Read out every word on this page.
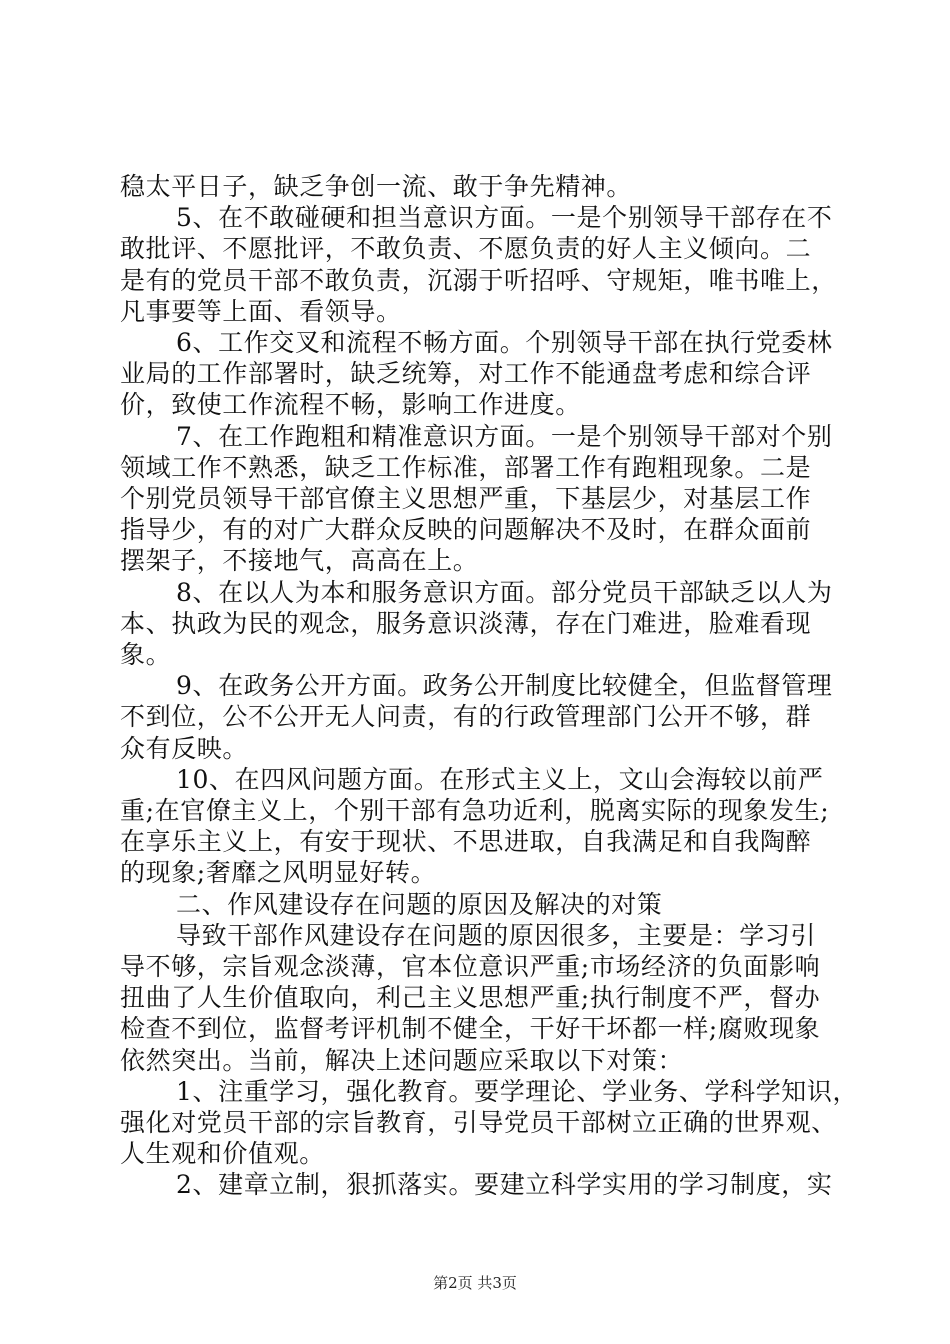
稳太平日子，缺乏争创一流、敢于争先精神。
5、在不敢碰硬和担当意识方面。一是个别领导干部存在不
敢批评、不愿批评，不敢负责、不愿负责的好人主义倾向。二
是有的党员干部不敢负责，沉溺于听招呼、守规矩，唯书唯上，
凡事要等上面、看领导。
6、工作交叉和流程不畅方面。个别领导干部在执行党委林
业局的工作部署时，缺乏统筹，对工作不能通盘考虑和综合评
价，致使工作流程不畅，影响工作进度。
7、在工作跑粗和精准意识方面。一是个别领导干部对个别
领域工作不熟悉，缺乏工作标准，部署工作有跑粗现象。二是
个别党员领导干部官僚主义思想严重，下基层少，对基层工作
指导少，有的对广大群众反映的问题解决不及时，在群众面前
摆架子，不接地气，高高在上。
8、在以人为本和服务意识方面。部分党员干部缺乏以人为
本、执政为民的观念，服务意识淡薄，存在门难进，脸难看现
象。
9、在政务公开方面。政务公开制度比较健全，但监督管理
不到位，公不公开无人问责，有的行政管理部门公开不够，群
众有反映。
10、在四风问题方面。在形式主义上，文山会海较以前严
重;在官僚主义上，个别干部有急功近利，脱离实际的现象发生;
在享乐主义上，有安于现状、不思进取，自我满足和自我陶醉
的现象;奢靡之风明显好转。
二、作风建设存在问题的原因及解决的对策
导致干部作风建设存在问题的原因很多，主要是：学习引
导不够，宗旨观念淡薄，官本位意识严重;市场经济的负面影响
扭曲了人生价值取向，利己主义思想严重;执行制度不严，督办
检查不到位，监督考评机制不健全，干好干坏都一样;腐败现象
依然突出。当前，解决上述问题应采取以下对策：
1、注重学习，强化教育。要学理论、学业务、学科学知识，
强化对党员干部的宗旨教育，引导党员干部树立正确的世界观、
人生观和价值观。
2、建章立制，狠抓落实。要建立科学实用的学习制度，实
第2页 共3页
